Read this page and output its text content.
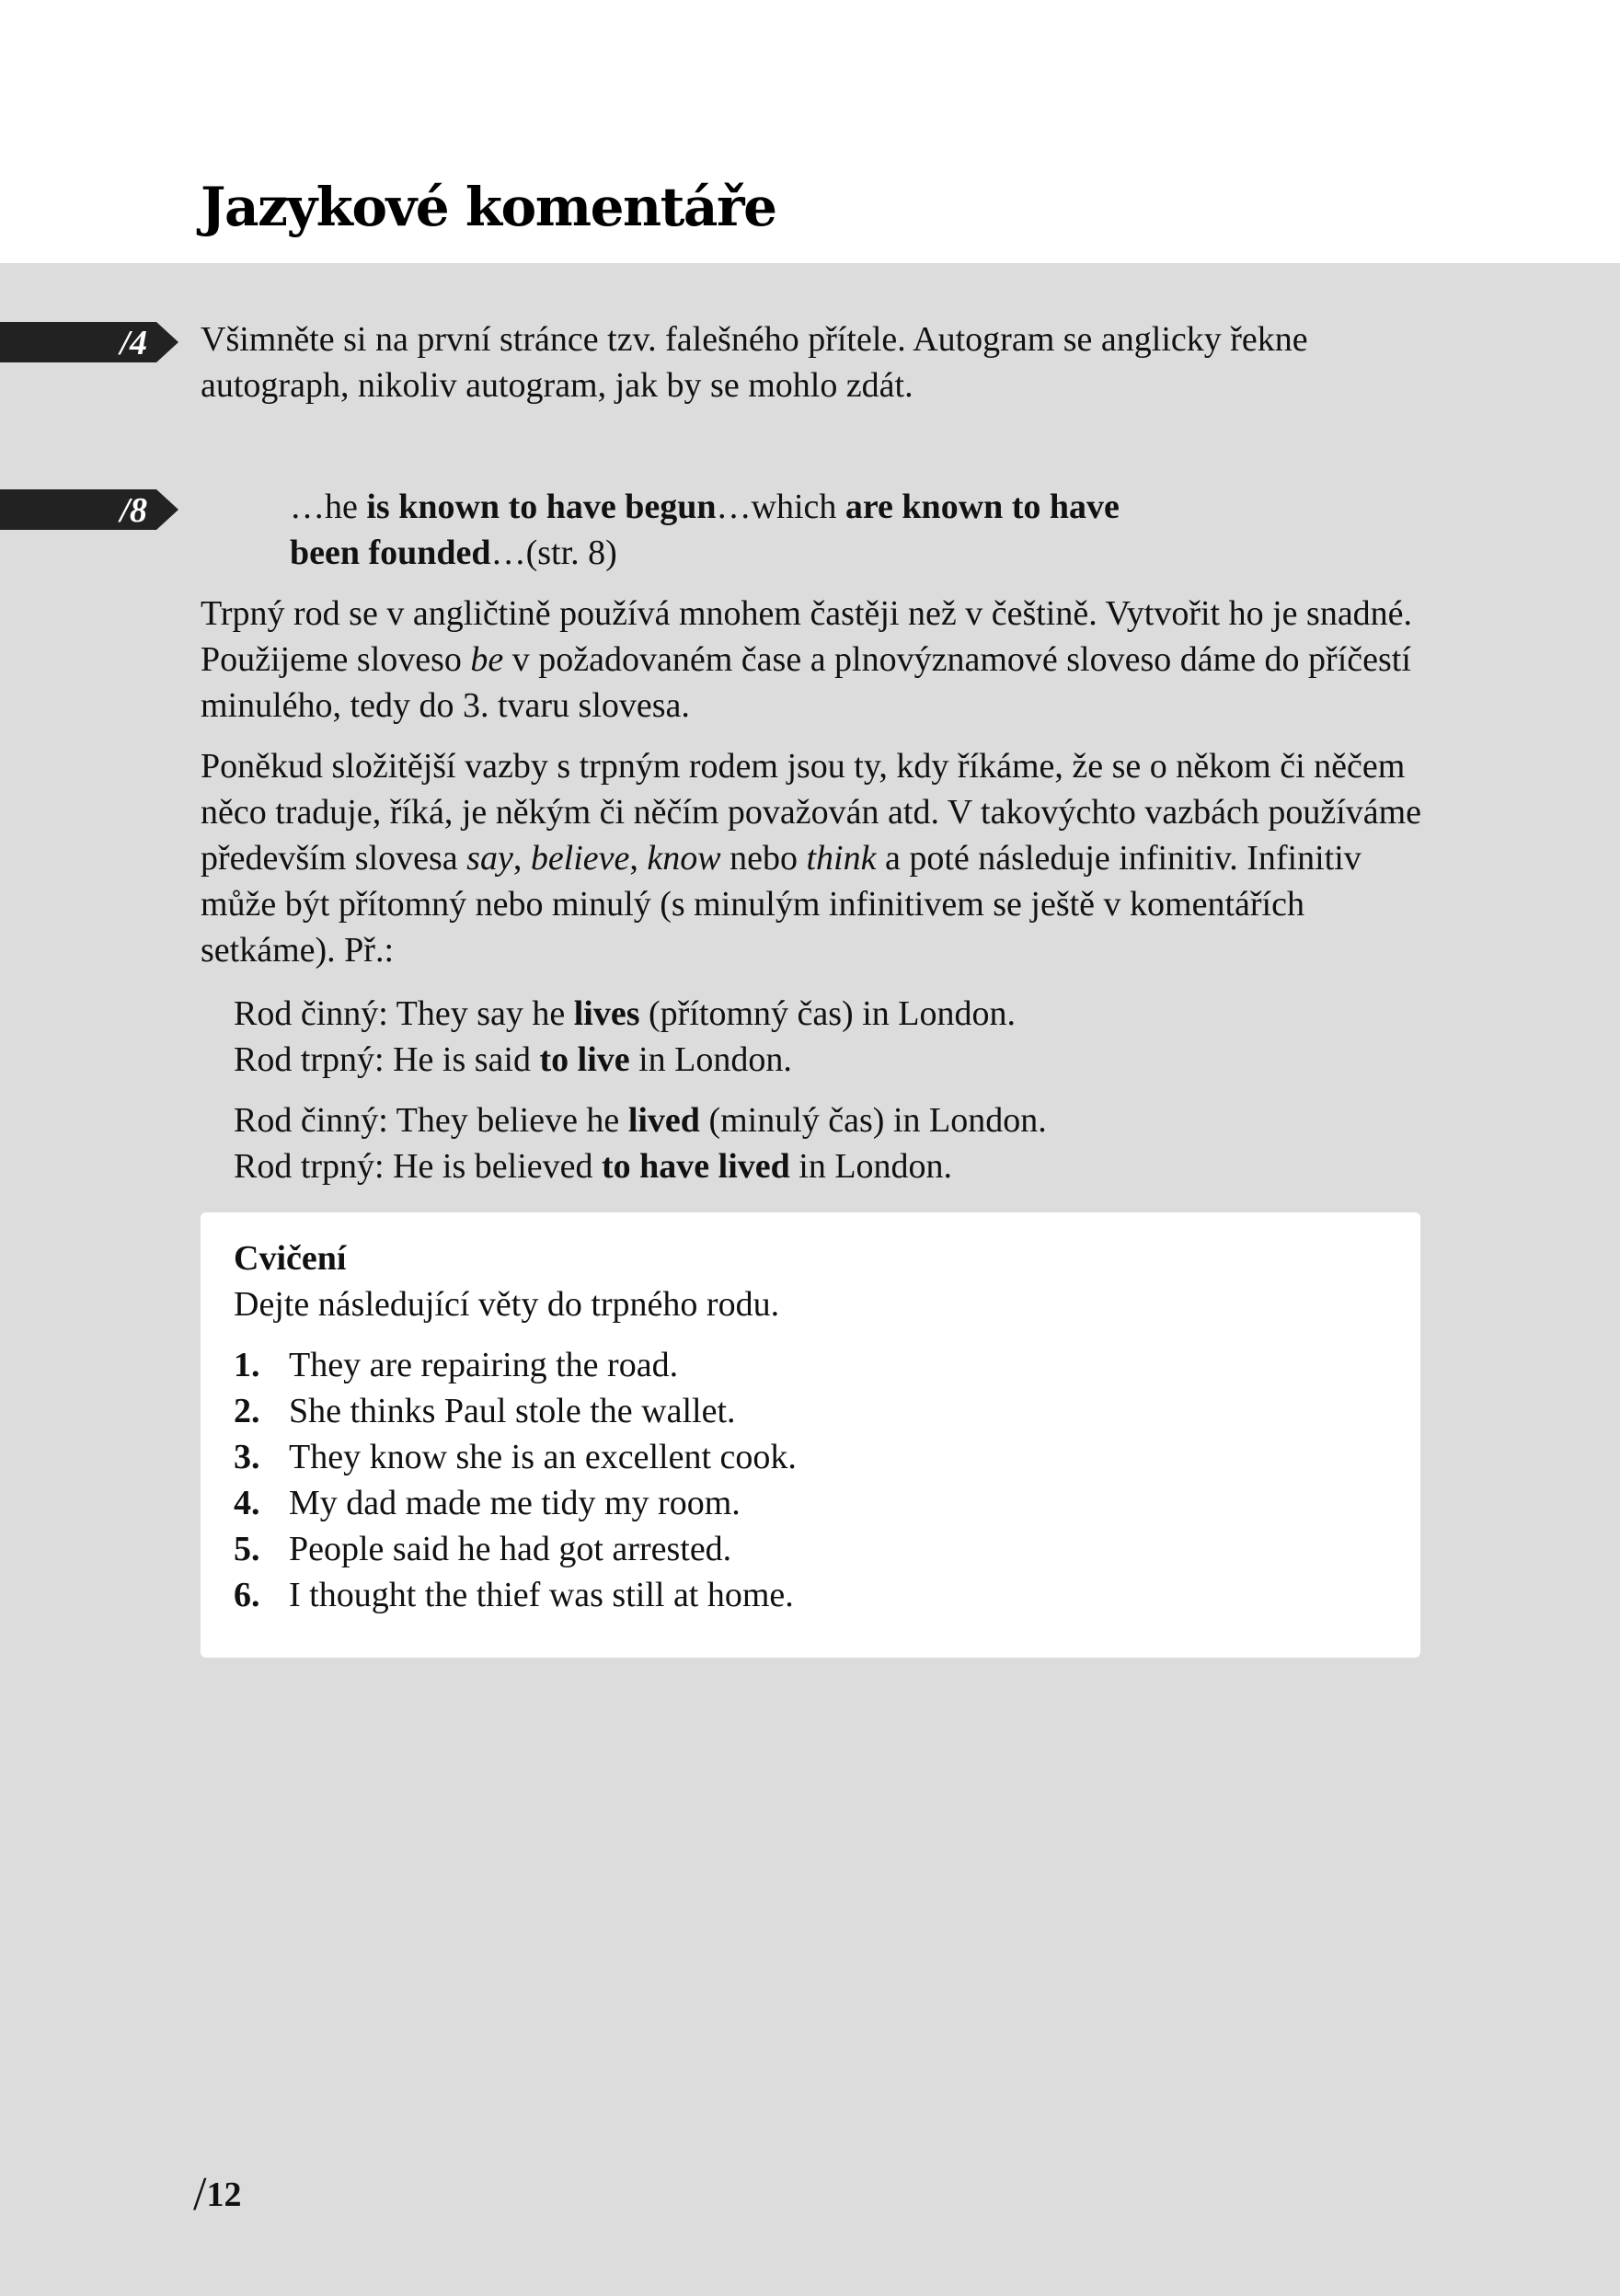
Jazykové komentáře
/4 Všimněte si na první stránce tzv. falešného přítele. Autogram se anglicky řekne autograph, nikoliv autogram, jak by se mohlo zdát.

/8	…he is known to have begun…which are known to have
been founded…(str. 8)

Trpný rod se v angličtině používá mnohem častěji než v češtině. Vytvořit ho je snadné. Použijeme sloveso be v požadovaném čase a plnovýznamové sloveso dáme do příčestí minulého, tedy do 3. tvaru slovesa.

Poněkud složitější vazby s trpným rodem jsou ty, kdy říkáme, že se o někom či něčem něco traduje, říká, je někým či něčím považován atd. V takovýchto vazbách používáme především slovesa say, believe, know nebo think a poté následuje infinitiv. Infinitiv může být přítomný nebo minulý (s minulým infinitivem se ještě v komentářích setkáme). Př.:

Rod činný: They say he lives (přítomný čas) in London.

Rod trpný: He is said to live in London.

Rod činný: They believe he lived (minulý čas) in London.

Rod trpný: He is believed to have lived in London.

Cvičení
Dejte následující věty do trpného rodu.
1. They are repairing the road.
2. She thinks Paul stole the wallet.
3. They know she is an excellent cook.
4. My dad made me tidy my room.
5. People said he had got arrested.
6. I thought the thief was still at home.
/12
